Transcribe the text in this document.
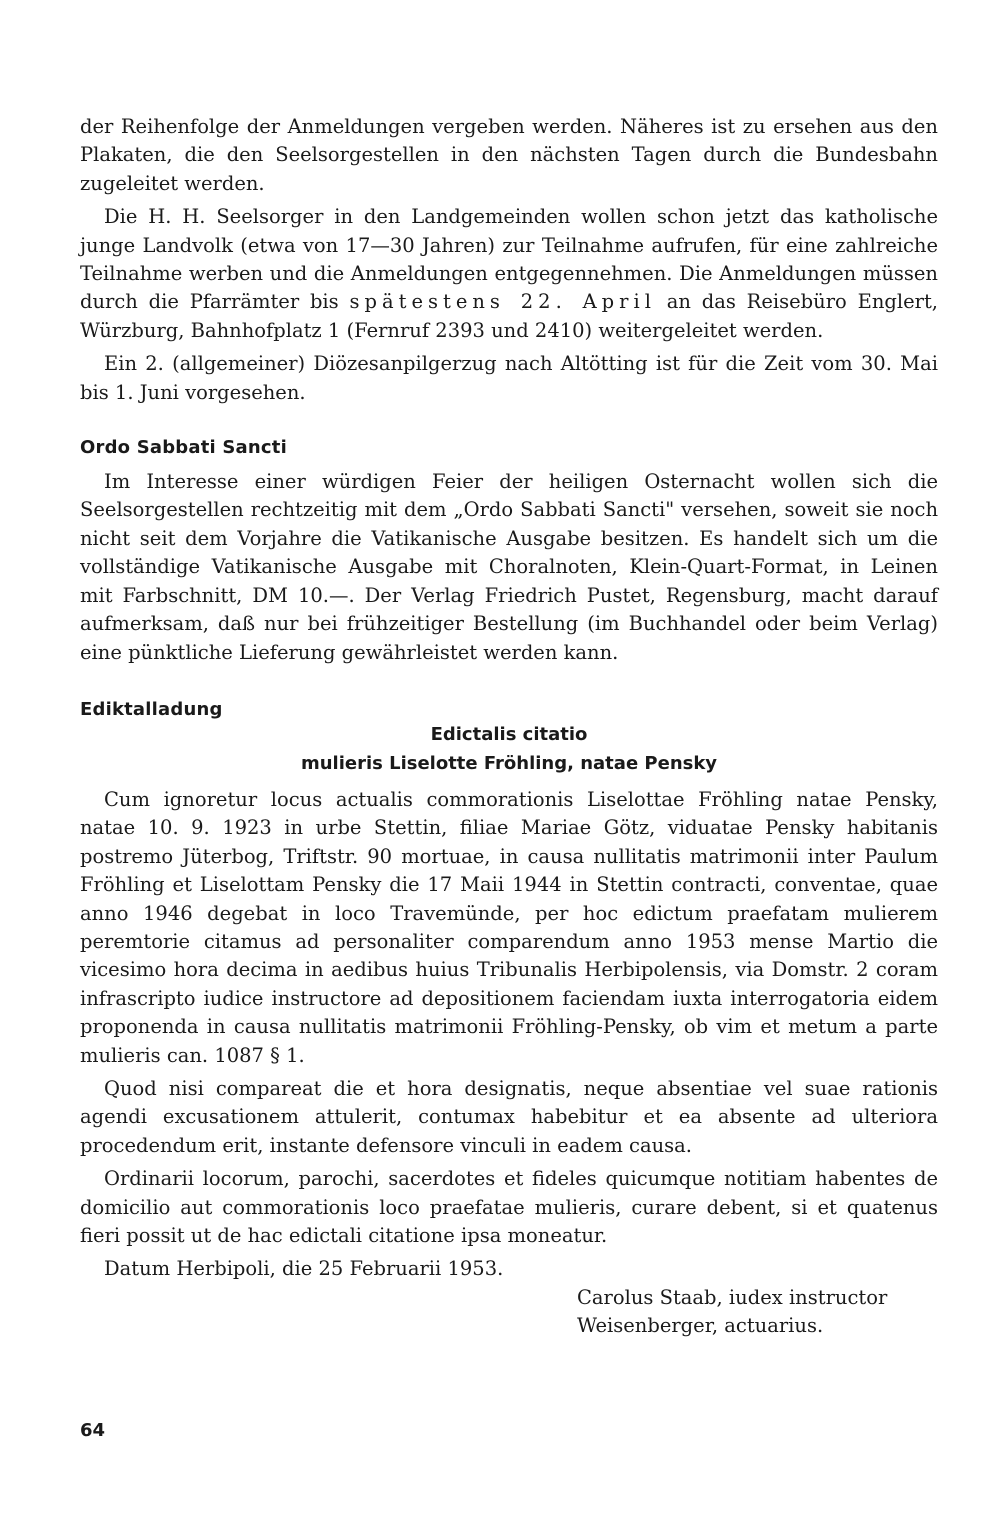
der Reihenfolge der Anmeldungen vergeben werden. Näheres ist zu ersehen aus den Plakaten, die den Seelsorgestellen in den nächsten Tagen durch die Bundesbahn zugeleitet werden.

Die H. H. Seelsorger in den Landgemeinden wollen schon jetzt das katholische junge Landvolk (etwa von 17—30 Jahren) zur Teilnahme aufrufen, für eine zahlreiche Teilnahme werben und die Anmeldungen entgegennehmen. Die Anmeldungen müssen durch die Pfarrämter bis spätestens 22. April an das Reisebüro Englert, Würzburg, Bahnhofplatz 1 (Fernruf 2393 und 2410) weitergeleitet werden.

Ein 2. (allgemeiner) Diözesanpilgerzug nach Altötting ist für die Zeit vom 30. Mai bis 1. Juni vorgesehen.

Ordo Sabbati Sancti

Im Interesse einer würdigen Feier der heiligen Osternacht wollen sich die Seelsorgestellen rechtzeitig mit dem „Ordo Sabbati Sancti" versehen, soweit sie noch nicht seit dem Vorjahre die Vatikanische Ausgabe besitzen. Es handelt sich um die vollständige Vatikanische Ausgabe mit Choralnoten, Klein-Quart-Format, in Leinen mit Farbschnitt, DM 10.—. Der Verlag Friedrich Pustet, Regensburg, macht darauf aufmerksam, daß nur bei frühzeitiger Bestellung (im Buchhandel oder beim Verlag) eine pünktliche Lieferung gewährleistet werden kann.

Ediktalladung
Edictalis citatio
mulieris Liselotte Fröhling, natae Pensky

Cum ignoretur locus actualis commorationis Liselottae Fröhling natae Pensky, natae 10. 9. 1923 in urbe Stettin, filiae Mariae Götz, viduatae Pensky habitanis postremo Jüterbog, Triftstr. 90 mortuae, in causa nullitatis matrimonii inter Paulum Fröhling et Liselottam Pensky die 17 Maii 1944 in Stettin contracti, conventae, quae anno 1946 degebat in loco Travemünde, per hoc edictum praefatam mulierem peremtorie citamus ad personaliter comparendum anno 1953 mense Martio die vicesimo hora decima in aedibus huius Tribunalis Herbipolensis, via Domstr. 2 coram infrascripto iudice instructore ad depositionem faciendam iuxta interrogatoria eidem proponenda in causa nullitatis matrimonii Fröhling-Pensky, ob vim et metum a parte mulieris can. 1087 § 1.

Quod nisi compareat die et hora designatis, neque absentiae vel suae rationis agendi excusationem attulerit, contumax habebitur et ea absente ad ulteriora procedendum erit, instante defensore vinculi in eadem causa.

Ordinarii locorum, parochi, sacerdotes et fideles quicumque notitiam habentes de domicilio aut commorationis loco praefatae mulieris, curare debent, si et quatenus fieri possit ut de hac edictali citatione ipsa moneatur.

Datum Herbipoli, die 25 Februarii 1953.

Carolus Staab, iudex instructor

Weisenberger, actuarius.

64
